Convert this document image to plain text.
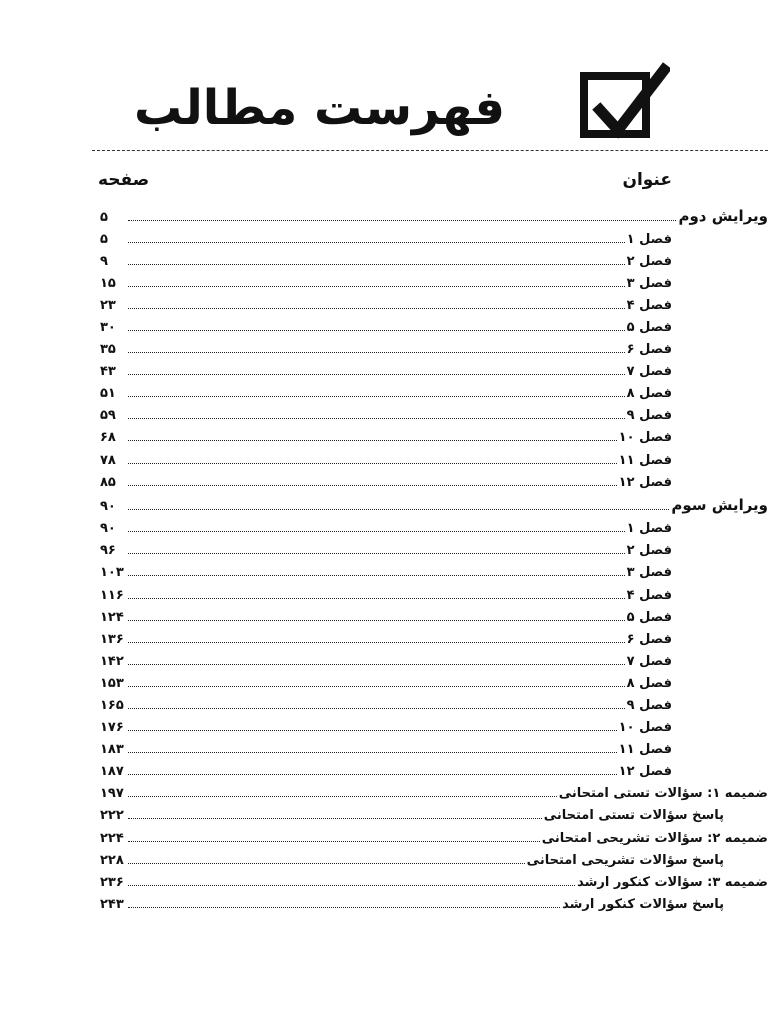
فهرست مطالب
عنوان
صفحه
ویرایش دوم
۵
فصل ۱
۵
فصل ۲
۹
فصل ۳
۱۵
فصل ۴
۲۳
فصل ۵
۳۰
فصل ۶
۳۵
فصل ۷
۴۳
فصل ۸
۵۱
فصل ۹
۵۹
فصل ۱۰
۶۸
فصل ۱۱
۷۸
فصل ۱۲
۸۵
ویرایش سوم
۹۰
فصل ۱
۹۰
فصل ۲
۹۶
فصل ۳
۱۰۳
فصل ۴
۱۱۶
فصل ۵
۱۲۴
فصل ۶
۱۳۶
فصل ۷
۱۴۲
فصل ۸
۱۵۳
فصل ۹
۱۶۵
فصل ۱۰
۱۷۶
فصل ۱۱
۱۸۳
فصل ۱۲
۱۸۷
ضمیمه ۱: سؤالات تستی امتحانی
۱۹۷
پاسخ سؤالات تستی امتحانی
۲۲۲
ضمیمه ۲: سؤالات تشریحی امتحانی
۲۲۴
پاسخ سؤالات تشریحی امتحانی
۲۲۸
ضمیمه ۳: سؤالات کنکور ارشد
۲۳۶
پاسخ سؤالات کنکور ارشد
۲۴۳
